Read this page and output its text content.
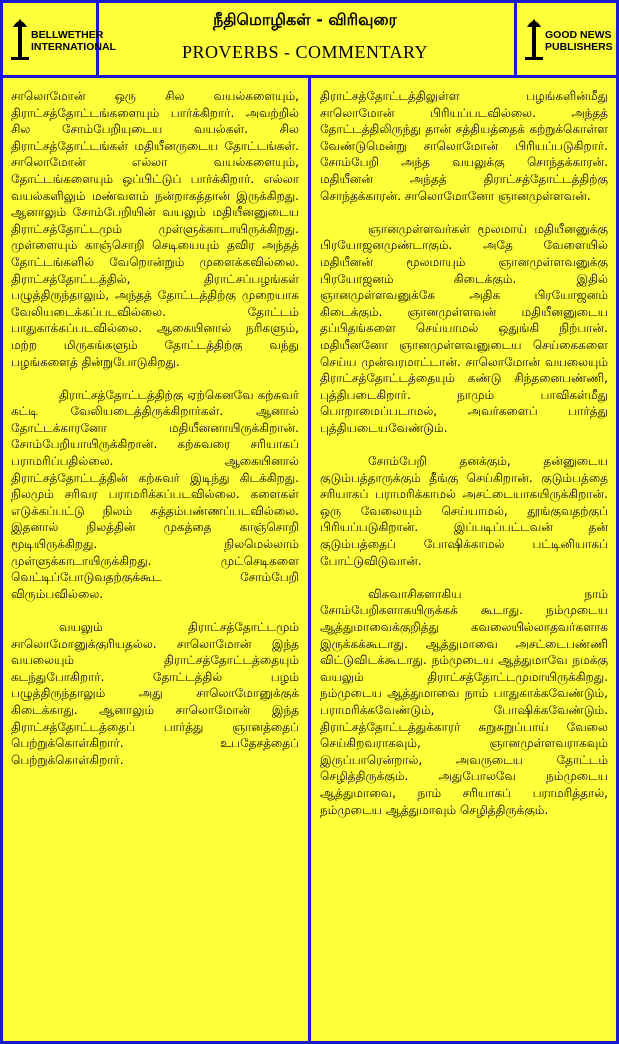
BELLWETHER
INTERNATIONAL
நீதிமொழிகள் - விரிவுரை
PROVERBS - COMMENTARY
GOOD NEWS
PUBLISHERS

சாலொமோன் ஒரு சில வயல்களையும், திராட்சத்தோட்டங்களையும் பார்க்கிறார். அவற்றில் சில சோம்பேறியுடைய வயல்கள். சில திராட்சத்தோட்டங்கள் மதியீனருடைய தோட்டங்கள். சாலொமோன் எல்லா வயல்களையும், தோட்டங்களையும் ஒப்பிட்டுப் பார்க்கிறார். எல்லா வயல்களிலும் மண்வளம் நன்றாகத்தான் இருக்கிறது. ஆனாலும் சோம்பேறியின் வயலும் மதியீனனுடைய திராட்சத்தோட்டமும் முள்ளுக்காடாயிருக்கிறது. முள்ளையும் காஞ்சொறி செடியையும் தவிர அந்தத் தோட்டங்களில் வேறொன்றும் முளைக்கவில்லை. திராட்சத்தோட்டத்தில், திராட்சப்பழங்கள் பழுத்திருந்தாலும், அந்தத் தோட்டத்திற்கு முறையாக வேலியடைக்கப்படவில்லை. தோட்டம் பாதுகாக்கப்படவில்லை. ஆகையினால் நரிகளும், மற்ற மிருகங்களும் தோட்டத்திற்கு வந்து பழங்களைத் தின்றுபோடுகிறது.

திராட்சத்தோட்டத்திற்கு ஏற்கெனவே கற்சுவர் கட்டி வேலியடைத்திருக்கிறார்கள். ஆனால் தோட்டக்காரனோ மதியீனனாயிருக்கிறான். சோம்பேறியாயிருக்கிறான். கற்சுவரை சரியாகப் பராமரிப்பதில்லை. ஆகையினால் திராட்சத்தோட்டத்தின் கற்சுவர் இடிந்து கிடக்கிறது. நிலமும் சரிவர பராமரிக்கப்படவில்லை. களைகள் எடுக்கப்பட்டு நிலம் சுத்தம்பண்ணப்படவில்லை. இதனால் நிலத்தின் முகத்தை காஞ்சொறி மூடியிருக்கிறது. நிலமெல்லாம் முள்ளுக்காடாயிருக்கிறது. முட்செடிகளை வெட்டிப்போடுவதற்குக்கூட சோம்பேறி விரும்பவில்லை.

வயலும் திராட்சத்தோட்டமும் சாலொமோனுக்குரியதல்ல. சாலொமோன் இந்த வயலையும் திராட்சத்தோட்டத்தையும் கடந்துபோகிறார். தோட்டத்தில் பழம் பழுத்திருந்தாலும் அது சாலொமோனுக்குக் கிடைக்காது. ஆனாலும் சாலொமோன் இந்த திராட்சத்தோட்டத்தைப் பார்த்து ஞானத்தைப் பெற்றுக்கொள்கிறார். உபதேசத்தைப் பெற்றுக்கொள்கிறார்.

திராட்சத்தோட்டத்திலுள்ள பழங்களின்மீது சாலொமோன் பிரியப்படவில்லை. அந்தத் தோட்டத்திலிருந்து தான் சத்தியத்தைக் கற்றுக்கொள்ள வேண்டுமென்று சாலொமோன் பிரியப்படுகிறார். சோம்பேறி அந்த வயலுக்கு சொந்தக்காரன். மதியீனன் அந்தத் திராட்சத்தோட்டத்திற்கு சொந்தக்காரன். சாலொமோனோ ஞானமுள்ளவன்.

ஞானமுள்ளவர்கள் மூலமாய் மதியீனனுக்கு பிரயோஜனமுண்டாகும். அதே வேளையில் மதியீனன் மூலமாயும் ஞானமுள்ளவனுக்கு பிரயோஜனம் கிடைக்கும். இதில் ஞானமுள்ளவனுக்கே அதிக பிரயோஜனம் கிடைக்கும். ஞானமுள்ளவன் மதியீனனுடைய தப்பிதங்களை செய்யாமல் ஒதுங்கி நிற்பான். மதியீனனோ ஞானமுள்ளவனுடைய செய்கைகளை செய்ய முன்வரமாட்டான். சாலொமோன் வயலையும் திராட்சத்தோட்டத்தையும் கண்டு சிந்தனைபண்ணி, புத்திபடைகிறார். நாமும் பாவிகள்மீது பொறாமைப்படாமல், அவர்களைப் பார்த்து புத்தியடையவேண்டும்.

சோம்பேறி தனக்கும், தன்னுடைய குடும்பத்தாருக்கும் தீங்கு செய்கிறான். குடும்பத்தை சரியாகப் பராமரிக்காமல் அசட்டையாகயிருக்கிறான். ஒரு வேலையும் செய்யாமல், தூங்குவதற்குப் பிரியப்படுகிறான். இப்படிப்பட்டவன் தன் குடும்பத்தைப் போஷிக்காமல் பட்டினியாகப் போட்டுவிடுவான்.

விசுவாசிகளாகிய நாம் சோம்பேறிகளாகயிருக்கக் கூடாது. நம்முடைய ஆத்துமாவைக்குறித்து கவலையில்லாதவர்களாக இருக்கக்கூடாது. ஆத்துமாவை அசட்டைபண்ணி விட்டுவிடக்கூடாது. நம்முடைய ஆத்துமாவே நமக்கு வயலும் திராட்சத்தோட்டமுமாயிருக்கிறது. நம்முடைய ஆத்துமாவை நாம் பாதுகாக்கவேண்டும், பராமரிக்கவேண்டும், போஷிக்கவேண்டும். திராட்சத்தோட்டத்துக்காரர் சுறுசுறுப்பாய் வேலை செய்கிறவராகவும், ஞானமுள்ளவராகவும் இருப்பாரென்றால், அவருடைய தோட்டம் செழித்திருக்கும். அதுபோலவே நம்முடைய ஆத்துமாவை, நாம் சரியாகப் பராமரித்தால், நம்முடைய ஆத்துமாவும் செழித்திருக்கும்.
